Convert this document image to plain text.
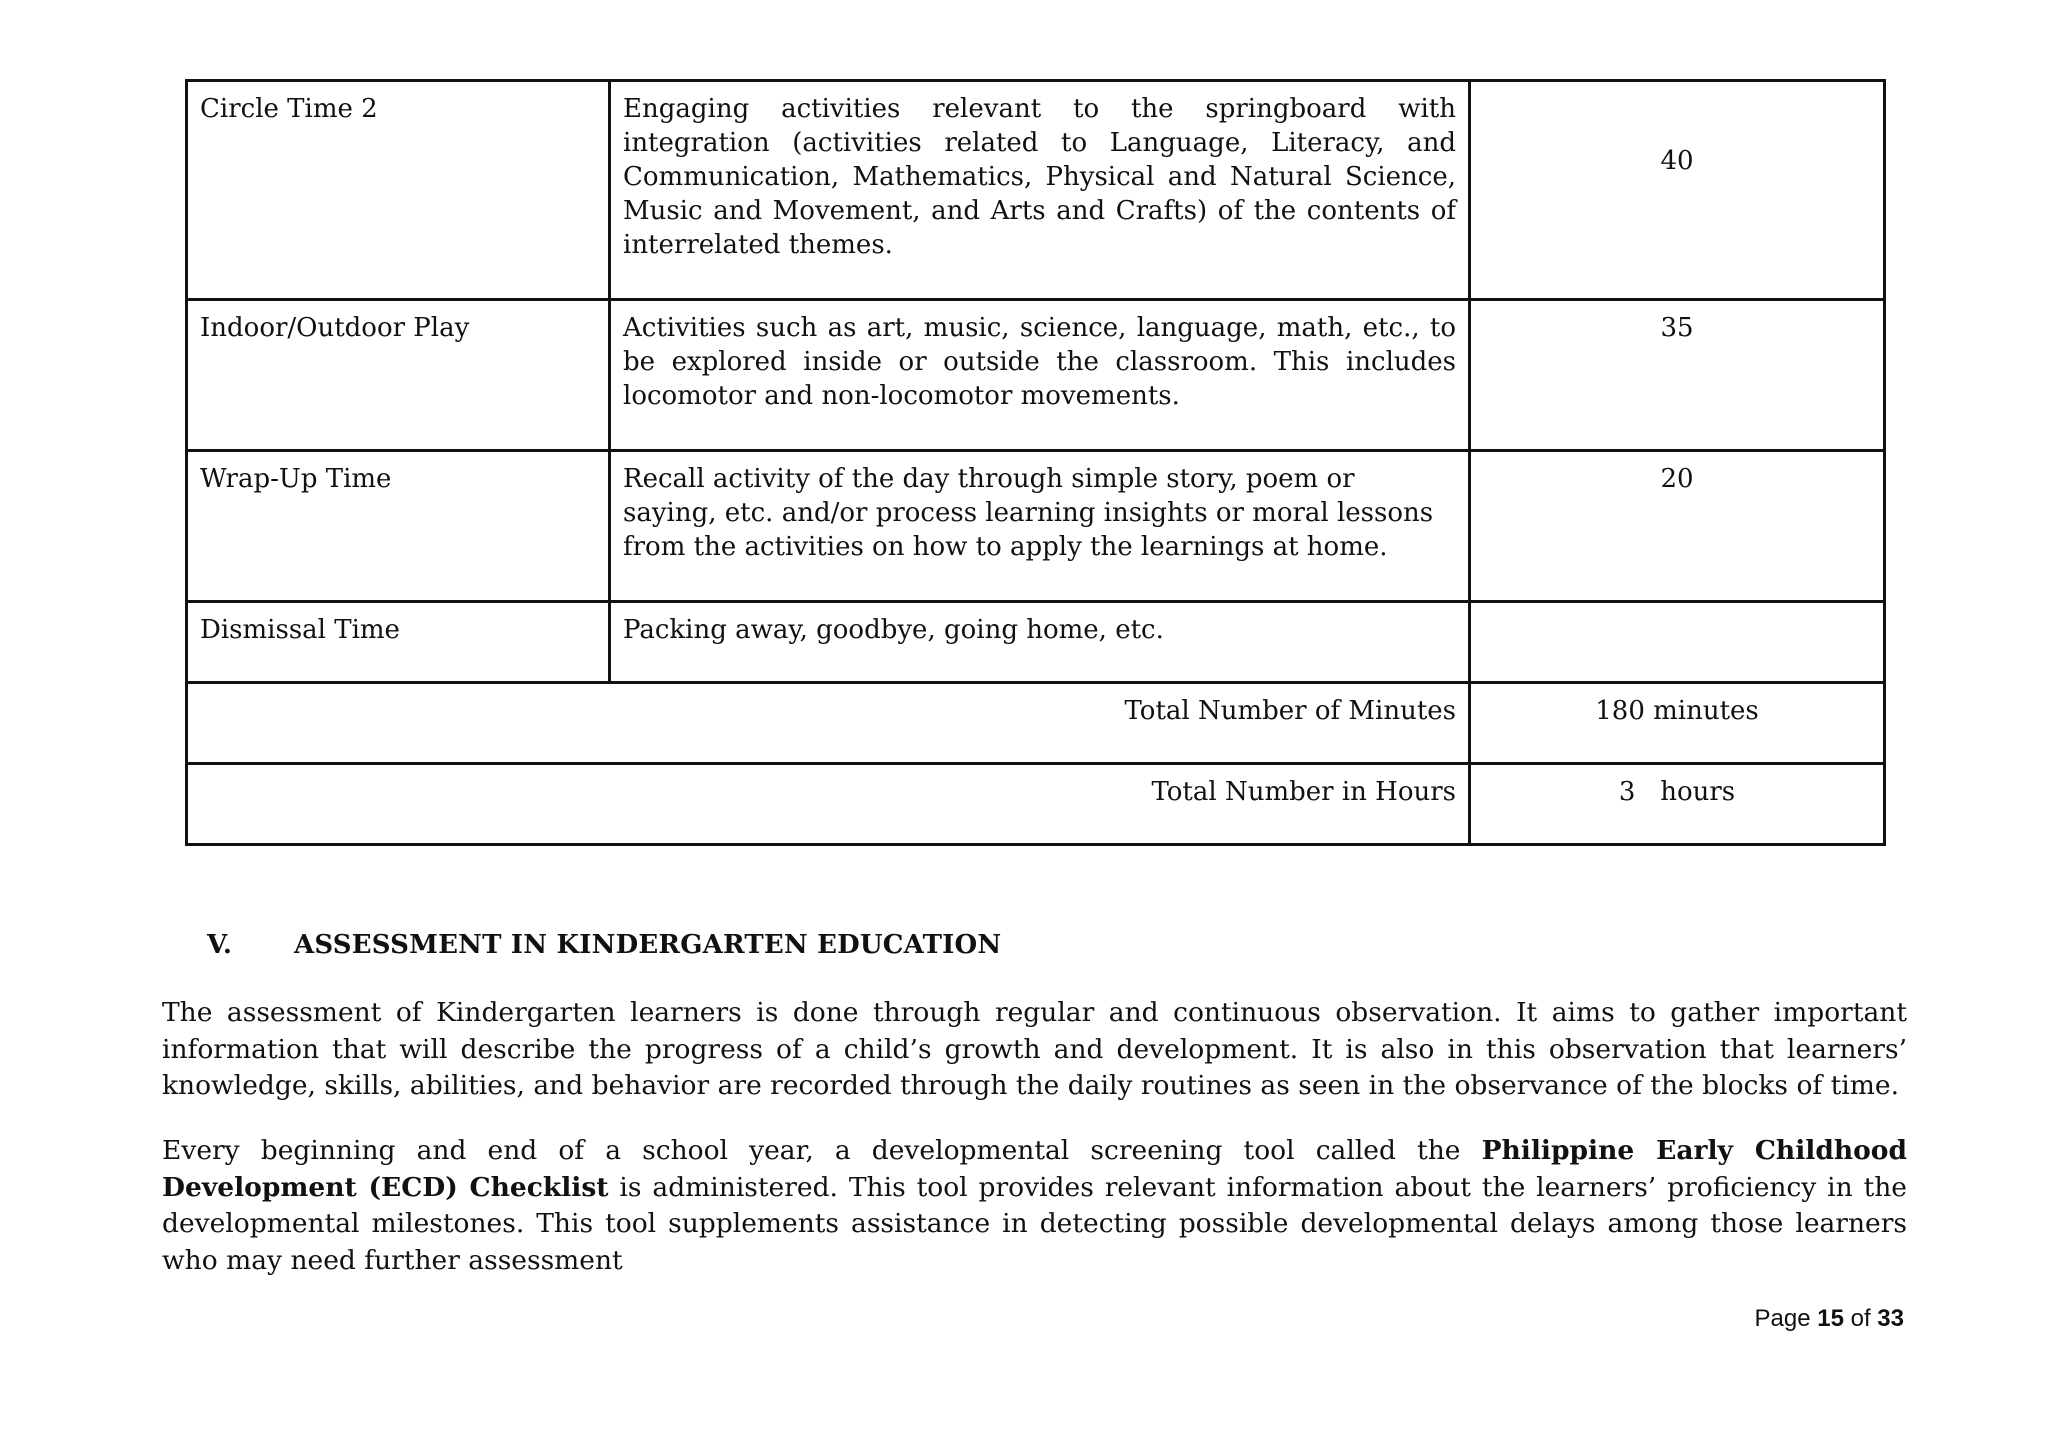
Circle Time 2	Engaging activities relevant to the springboard with integration (activities related to Language, Literacy, and Communication, Mathematics, Physical and Natural Science, Music and Movement, and Arts and Crafts) of the contents of interrelated themes.	40

Indoor/Outdoor Play	Activities such as art, music, science, language, math, etc., to be explored inside or outside the classroom. This includes locomotor and non-locomotor movements.	35
Wrap-Up Time	Recall activity of the day through simple story, poem or saying, etc. and/or process learning insights or moral lessons from the activities on how to apply the learnings at home.	20
Dismissal Time	Packing away, goodbye, going home, etc.	
Total Number of Minutes		180 minutes
Total Number in Hours		3 hours
V. ASSESSMENT IN KINDERGARTEN EDUCATION

The assessment of Kindergarten learners is done through regular and continuous observation. It aims to gather important information that will describe the progress of a child’s growth and development. It is also in this observation that learners’ knowledge, skills, abilities, and behavior are recorded through the daily routines as seen in the observance of the blocks of time.

Every beginning and end of a school year, a developmental screening tool called the Philippine Early Childhood Development (ECD) Checklist is administered. This tool provides relevant information about the learners’ proficiency in the developmental milestones. This tool supplements assistance in detecting possible developmental delays among those learners who may need further assessment

Page 15 of 33
